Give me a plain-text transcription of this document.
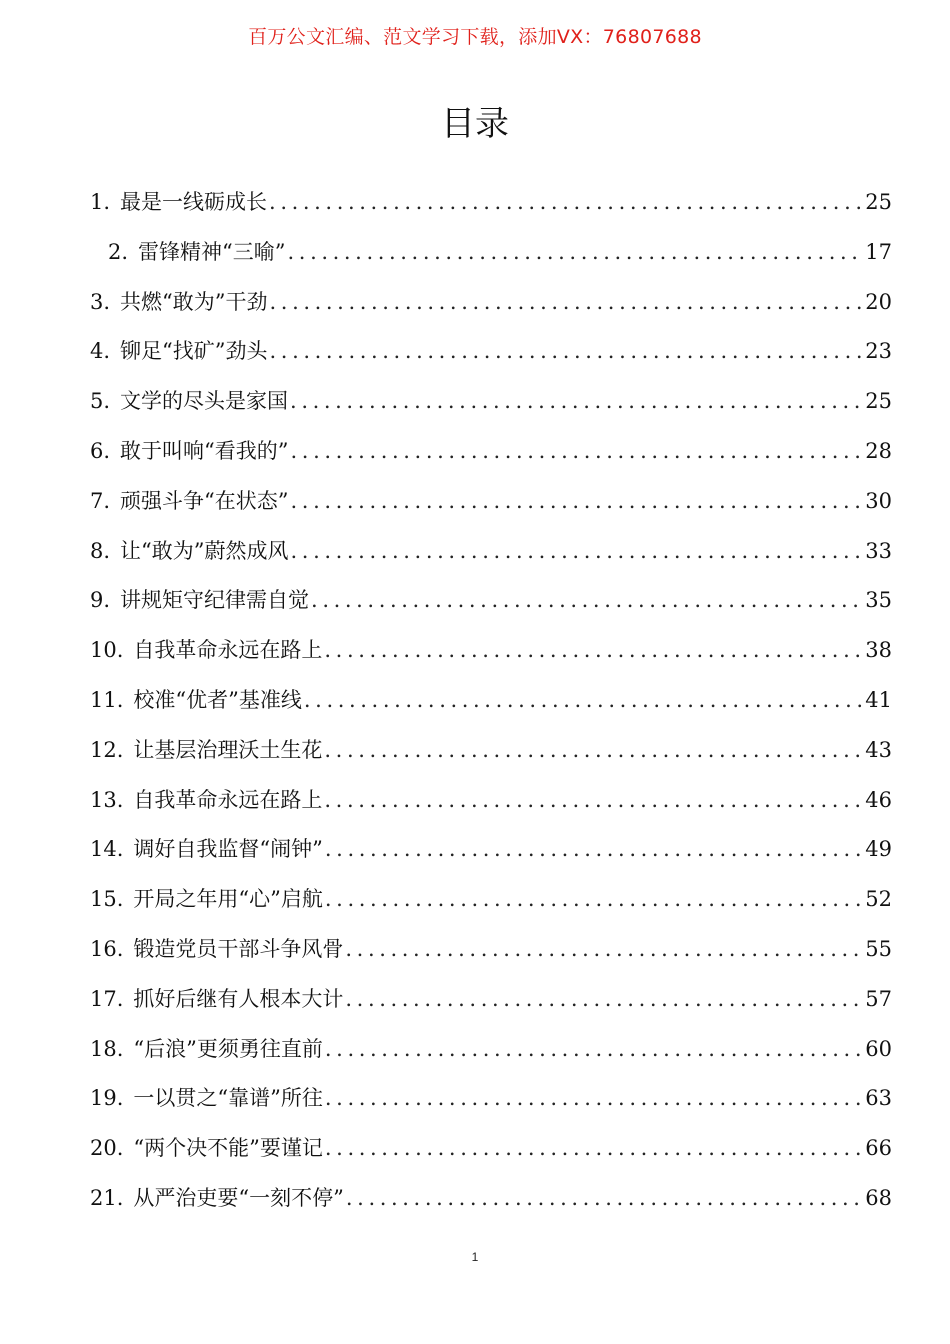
百万公文汇编、范文学习下载，添加VX：76807688
目录
1. 最是一线砺成长 .....	25
2. 雷锋精神“三喻” .....	17
3. 共燃“敢为”干劲 .....	20
4. 铆足“找矿”劲头 .....	23
5. 文学的尽头是家国 .....	25
6. 敢于叫响“看我的” .....	28
7. 顽强斗争“在状态” .....	30
8. 让“敢为”蔚然成风 .....	33
9. 讲规矩守纪律需自觉 .....	35
10. 自我革命永远在路上 .....	38
11. 校准“优者”基准线 .....	41
12. 让基层治理沃土生花 .....	43
13. 自我革命永远在路上 .....	46
14. 调好自我监督“闹钟” .....	49
15. 开局之年用“心”启航 .....	52
16. 锻造党员干部斗争风骨 .....	55
17. 抓好后继有人根本大计 .....	57
18. “后浪”更须勇往直前 .....	60
19. 一以贯之“靠谱”所往 .....	63
20. “两个决不能”要谨记 .....	66
21. 从严治吏要“一刻不停” .....	68
1
